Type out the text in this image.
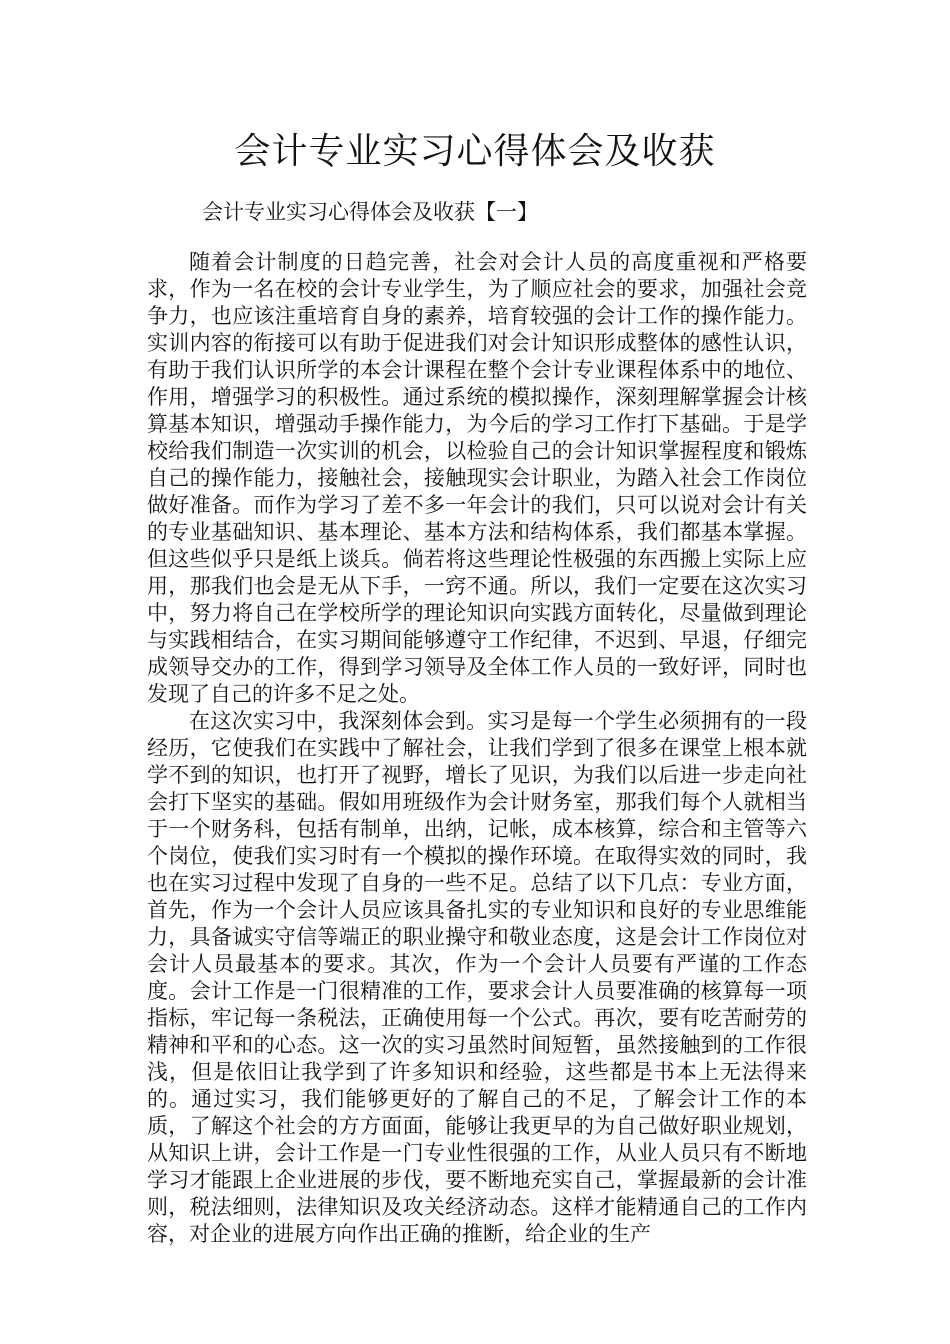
会计专业实习心得体会及收获
会计专业实习心得体会及收获【一】

随着会计制度的日趋完善，社会对会计人员的高度重视和严格要求，作为一名在校的会计专业学生，为了顺应社会的要求，加强社会竞争力，也应该注重培育自身的素养，培育较强的会计工作的操作能力。实训内容的衔接可以有助于促进我们对会计知识形成整体的感性认识，有助于我们认识所学的本会计课程在整个会计专业课程体系中的地位、作用，增强学习的积极性。通过系统的模拟操作，深刻理解掌握会计核算基本知识，增强动手操作能力，为今后的学习工作打下基础。于是学校给我们制造一次实训的机会，以检验自己的会计知识掌握程度和锻炼自己的操作能力，接触社会，接触现实会计职业，为踏入社会工作岗位做好准备。而作为学习了差不多一年会计的我们，只可以说对会计有关的专业基础知识、基本理论、基本方法和结构体系，我们都基本掌握。但这些似乎只是纸上谈兵。倘若将这些理论性极强的东西搬上实际上应用，那我们也会是无从下手，一窍不通。所以，我们一定要在这次实习中，努力将自己在学校所学的理论知识向实践方面转化，尽量做到理论与实践相结合，在实习期间能够遵守工作纪律，不迟到、早退，仔细完成领导交办的工作，得到学习领导及全体工作人员的一致好评，同时也发现了自己的许多不足之处。

在这次实习中，我深刻体会到。实习是每一个学生必须拥有的一段经历，它使我们在实践中了解社会，让我们学到了很多在课堂上根本就学不到的知识，也打开了视野，增长了见识，为我们以后进一步走向社会打下坚实的基础。假如用班级作为会计财务室，那我们每个人就相当于一个财务科，包括有制单，出纳，记帐，成本核算，综合和主管等六个岗位，使我们实习时有一个模拟的操作环境。在取得实效的同时，我也在实习过程中发现了自身的一些不足。总结了以下几点：专业方面，首先，作为一个会计人员应该具备扎实的专业知识和良好的专业思维能力，具备诚实守信等端正的职业操守和敬业态度，这是会计工作岗位对会计人员最基本的要求。其次，作为一个会计人员要有严谨的工作态度。会计工作是一门很精准的工作，要求会计人员要准确的核算每一项指标，牢记每一条税法，正确使用每一个公式。再次，要有吃苦耐劳的精神和平和的心态。这一次的实习虽然时间短暂，虽然接触到的工作很浅，但是依旧让我学到了许多知识和经验，这些都是书本上无法得来的。通过实习，我们能够更好的了解自己的不足，了解会计工作的本质，了解这个社会的方方面面，能够让我更早的为自己做好职业规划，从知识上讲，会计工作是一门专业性很强的工作，从业人员只有不断地学习才能跟上企业进展的步伐，要不断地充实自己，掌握最新的会计准则，税法细则，法律知识及攻关经济动态。这样才能精通自己的工作内容，对企业的进展方向作出正确的推断，给企业的生产
